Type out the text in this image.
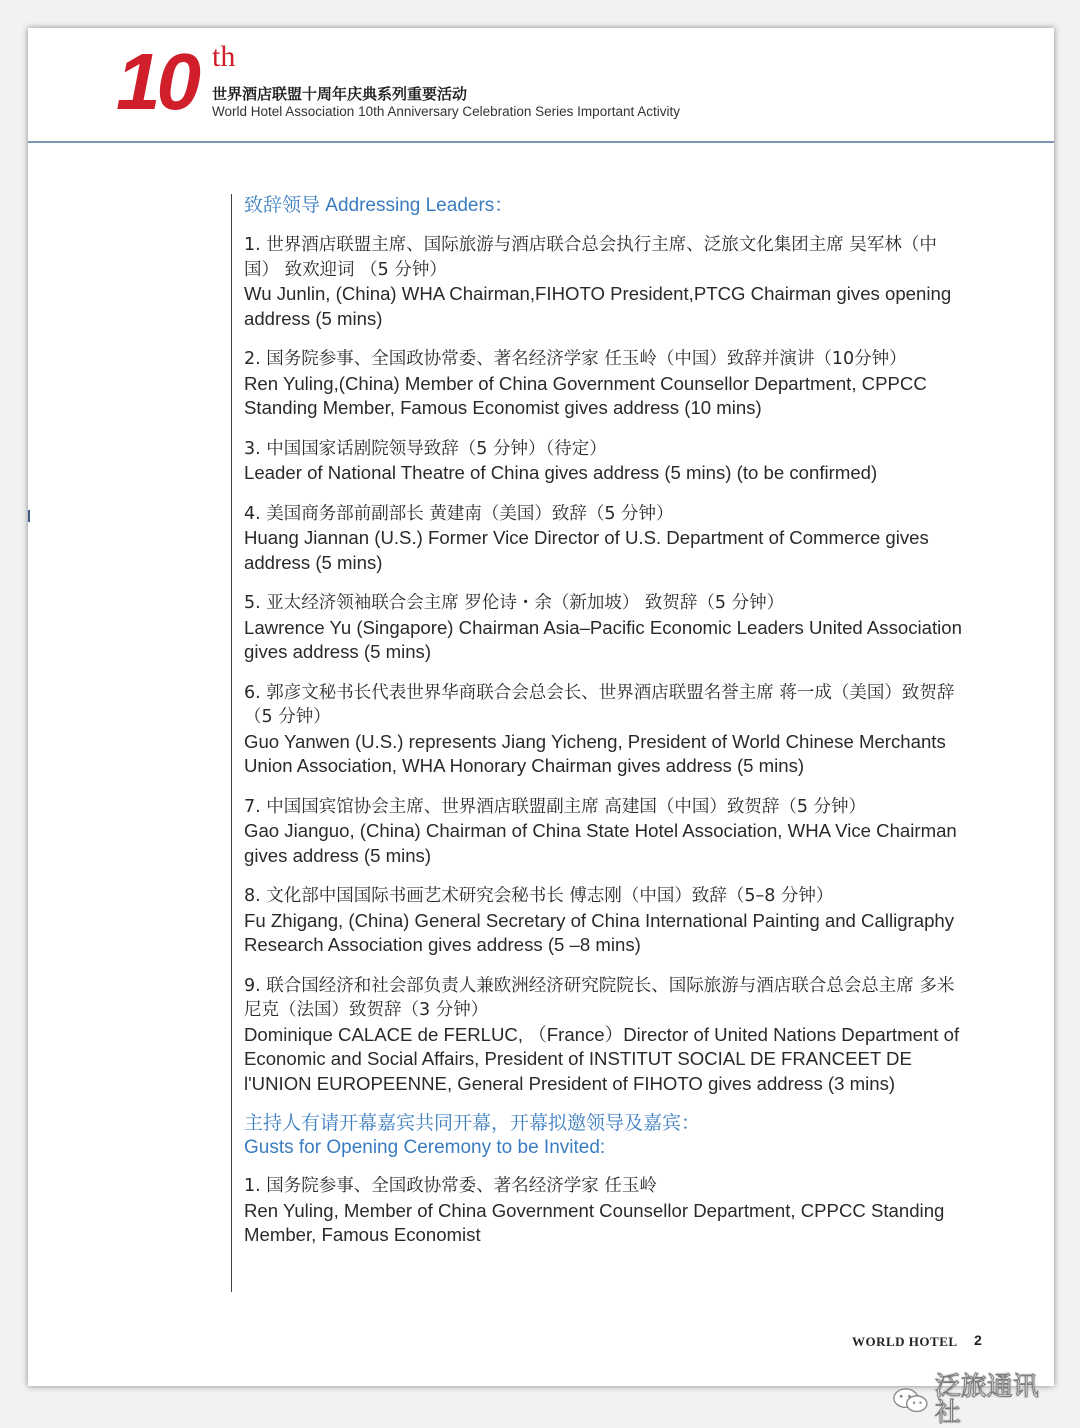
10 th
世界酒店联盟十周年庆典系列重要活动
World Hotel Association 10th Anniversary Celebration Series Important Activity

致辞领导 Addressing Leaders：

1. 世界酒店联盟主席、国际旅游与酒店联合总会执行主席、泛旅文化集团主席 吴军林（中国） 致欢迎词 （5 分钟）

Wu Junlin, (China) WHA Chairman,FIHOTO President,PTCG Chairman gives opening address (5 mins)

2. 国务院参事、全国政协常委、著名经济学家 任玉岭（中国）致辞并演讲（10分钟）

Ren Yuling,(China) Member of China Government Counsellor Department, CPPCC Standing Member, Famous Economist gives address (10 mins)

3. 中国国家话剧院领导致辞（5 分钟）（待定）

Leader of National Theatre of China gives address (5 mins) (to be confirmed)

4. 美国商务部前副部长 黄建南（美国）致辞（5 分钟）

Huang Jiannan (U.S.) Former Vice Director of U.S. Department of Commerce gives address (5 mins)

5. 亚太经济领袖联合会主席 罗伦诗・余（新加坡） 致贺辞（5 分钟）

Lawrence Yu (Singapore) Chairman Asia–Pacific Economic Leaders United Association gives address (5 mins)

6. 郭彦文秘书长代表世界华商联合会总会长、世界酒店联盟名誉主席 蒋一成（美国）致贺辞（5 分钟）

Guo Yanwen (U.S.) represents Jiang Yicheng, President of World Chinese Merchants Union Association, WHA Honorary Chairman gives address (5 mins)

7. 中国国宾馆协会主席、世界酒店联盟副主席 高建国（中国）致贺辞（5 分钟）

Gao Jianguo, (China) Chairman of China State Hotel Association, WHA Vice Chairman gives address (5 mins)

8. 文化部中国国际书画艺术研究会秘书长 傅志刚（中国）致辞（5–8 分钟）

Fu Zhigang, (China) General Secretary of China International Painting and Calligraphy Research Association gives address (5 –8 mins)

9. 联合国经济和社会部负责人兼欧洲经济研究院院长、国际旅游与酒店联合总会总主席 多米尼克（法国）致贺辞（3 分钟）

Dominique CALACE de FERLUC, （France）Director of United Nations Department of Economic and Social Affairs, President of INSTITUT SOCIAL DE FRANCEET DE l'UNION EUROPEENNE, General President of FIHOTO gives address (3 mins)

主持人有请开幕嘉宾共同开幕，开幕拟邀领导及嘉宾：

Gusts for Opening Ceremony to be Invited:

1. 国务院参事、全国政协常委、著名经济学家 任玉岭

Ren Yuling, Member of China Government Counsellor Department, CPPCC Standing Member, Famous Economist

WORLD HOTEL 2
泛旅通讯社
